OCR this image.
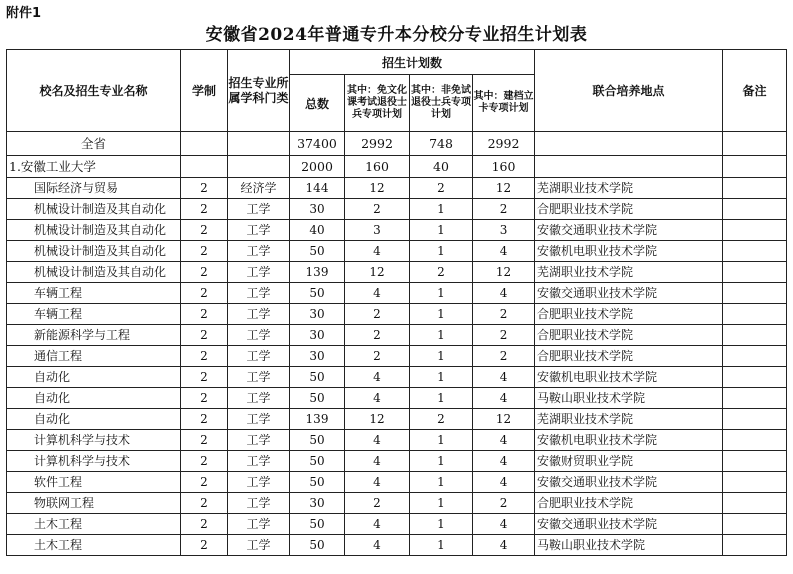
附件1
安徽省2024年普通专升本分校分专业招生计划表
校名及招生专业名称	学制	招生专业所属学科门类	招生计划数				联合培养地点	备注
			总数	其中：免文化课考试退役士兵专项计划	其中：非免试退役士兵专项计划	其中：建档立卡专项计划		
全省			37400	2992	748	2992		
1.安徽工业大学			2000	160	40	160		
国际经济与贸易	2	经济学	144	12	2	12	芜湖职业技术学院	
机械设计制造及其自动化	2	工学	30	2	1	2	合肥职业技术学院	
机械设计制造及其自动化	2	工学	40	3	1	3	安徽交通职业技术学院	
机械设计制造及其自动化	2	工学	50	4	1	4	安徽机电职业技术学院	
机械设计制造及其自动化	2	工学	139	12	2	12	芜湖职业技术学院	
车辆工程	2	工学	50	4	1	4	安徽交通职业技术学院	
车辆工程	2	工学	30	2	1	2	合肥职业技术学院	
新能源科学与工程	2	工学	30	2	1	2	合肥职业技术学院	
通信工程	2	工学	30	2	1	2	合肥职业技术学院	
自动化	2	工学	50	4	1	4	安徽机电职业技术学院	
自动化	2	工学	50	4	1	4	马鞍山职业技术学院	
自动化	2	工学	139	12	2	12	芜湖职业技术学院	
计算机科学与技术	2	工学	50	4	1	4	安徽机电职业技术学院	
计算机科学与技术	2	工学	50	4	1	4	安徽财贸职业学院	
软件工程	2	工学	50	4	1	4	安徽交通职业技术学院	
物联网工程	2	工学	30	2	1	2	合肥职业技术学院	
土木工程	2	工学	50	4	1	4	安徽交通职业技术学院	
土木工程	2	工学	50	4	1	4	马鞍山职业技术学院	
